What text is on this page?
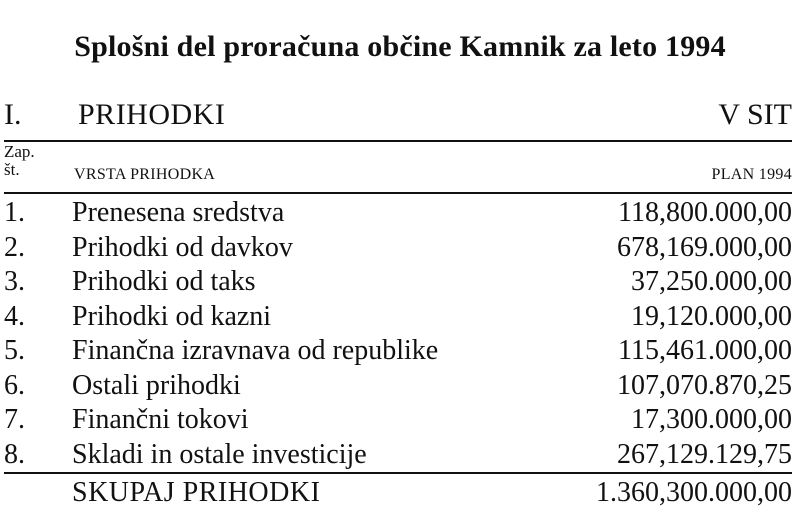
Splošni del proračuna občine Kamnik za leto 1994
I. PRIHODKI	V SIT
Zap.
št.	VRSTA PRIHODKA	PLAN 1994
1. Prenesena sredstva	118,800.000,00
2. Prihodki od davkov	678,169.000,00
3. Prihodki od taks	37,250.000,00
4. Prihodki od kazni	19,120.000,00
5. Finančna izravnava od republike	115,461.000,00
6. Ostali prihodki	107,070.870,25
7. Finančni tokovi	17,300.000,00
8. Skladi in ostale investicije	267,129.129,75
SKUPAJ PRIHODKI	1.360,300.000,00
